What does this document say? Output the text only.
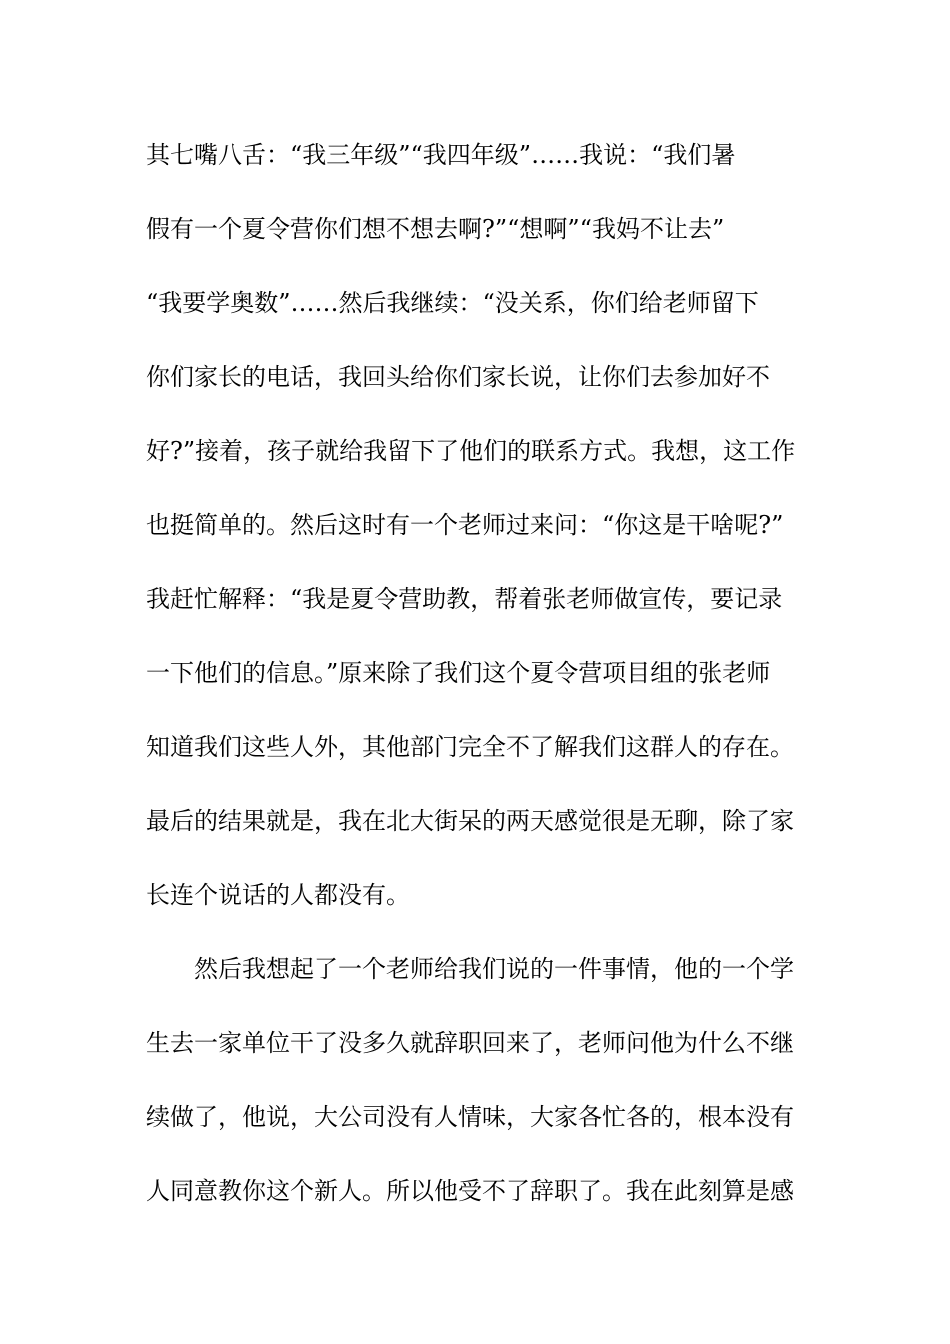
其七嘴八舌：“我三年级”“我四年级”……我说：“我们暑
假有一个夏令营你们想不想去啊?”“想啊”“我妈不让去”
“我要学奥数”……然后我继续：“没关系，你们给老师留下
你们家长的电话，我回头给你们家长说，让你们去参加好不
好?”接着，孩子就给我留下了他们的联系方式。我想，这工作
也挺简单的。然后这时有一个老师过来问：“你这是干啥呢?”
我赶忙解释：“我是夏令营助教，帮着张老师做宣传，要记录
一下他们的信息。”原来除了我们这个夏令营项目组的张老师
知道我们这些人外，其他部门完全不了解我们这群人的存在。
最后的结果就是，我在北大街呆的两天感觉很是无聊，除了家
长连个说话的人都没有。
然后我想起了一个老师给我们说的一件事情，他的一个学
生去一家单位干了没多久就辞职回来了，老师问他为什么不继
续做了，他说，大公司没有人情味，大家各忙各的，根本没有
人同意教你这个新人。所以他受不了辞职了。我在此刻算是感
